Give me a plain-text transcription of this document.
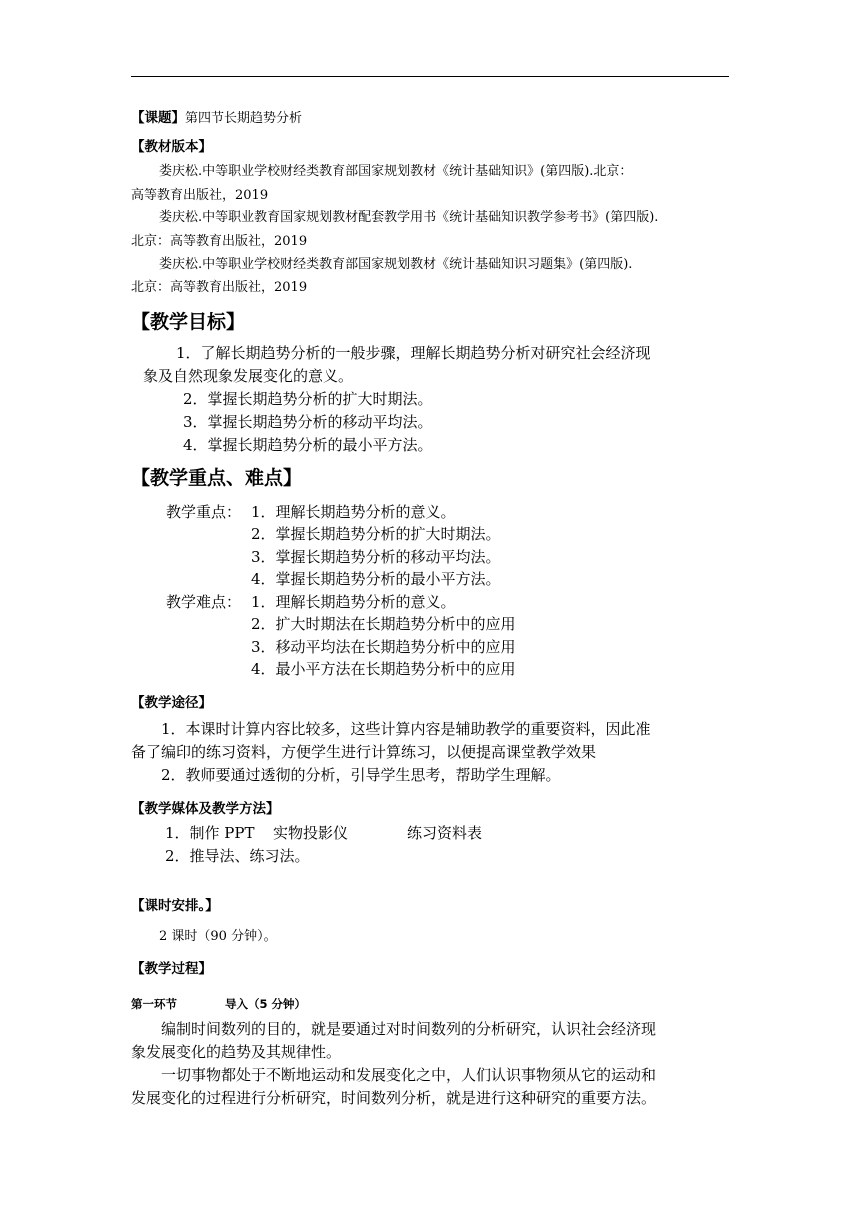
【课题】第四节长期趋势分析
【教材版本】
娄庆松.中等职业学校财经类教育部国家规划教材《统计基础知识》(第四版).北京：
高等教育出版社，2019
娄庆松.中等职业教育国家规划教材配套教学用书《统计基础知识教学参考书》(第四版).
北京：高等教育出版社，2019
娄庆松.中等职业学校财经类教育部国家规划教材《统计基础知识习题集》(第四版).
北京：高等教育出版社，2019
【教学目标】
1．了解长期趋势分析的一般步骤，理解长期趋势分析对研究社会经济现
象及自然现象发展变化的意义。
2．掌握长期趋势分析的扩大时期法。
3．掌握长期趋势分析的移动平均法。
4．掌握长期趋势分析的最小平方法。
【教学重点、难点】
教学重点： 1．理解长期趋势分析的意义。
2．掌握长期趋势分析的扩大时期法。
3．掌握长期趋势分析的移动平均法。
4．掌握长期趋势分析的最小平方法。
教学难点： 1．理解长期趋势分析的意义。
2．扩大时期法在长期趋势分析中的应用
3．移动平均法在长期趋势分析中的应用
4．最小平方法在长期趋势分析中的应用
【教学途径】
1．本课时计算内容比较多，这些计算内容是辅助教学的重要资料，因此准
备了编印的练习资料，方便学生进行计算练习，以便提高课堂教学效果
2．教师要通过透彻的分析，引导学生思考，帮助学生理解。
【教学媒体及教学方法】
1．制作 PPT 实物投影仪	练习资料表
2．推导法、练习法。
【课时安排。】
2 课时（90 分钟）。
【教学过程】
第一环节	导入（5 分钟）
编制时间数列的目的，就是要通过对时间数列的分析研究，认识社会经济现
象发展变化的趋势及其规律性。
一切事物都处于不断地运动和发展变化之中，人们认识事物须从它的运动和
发展变化的过程进行分析研究，时间数列分析，就是进行这种研究的重要方法。
